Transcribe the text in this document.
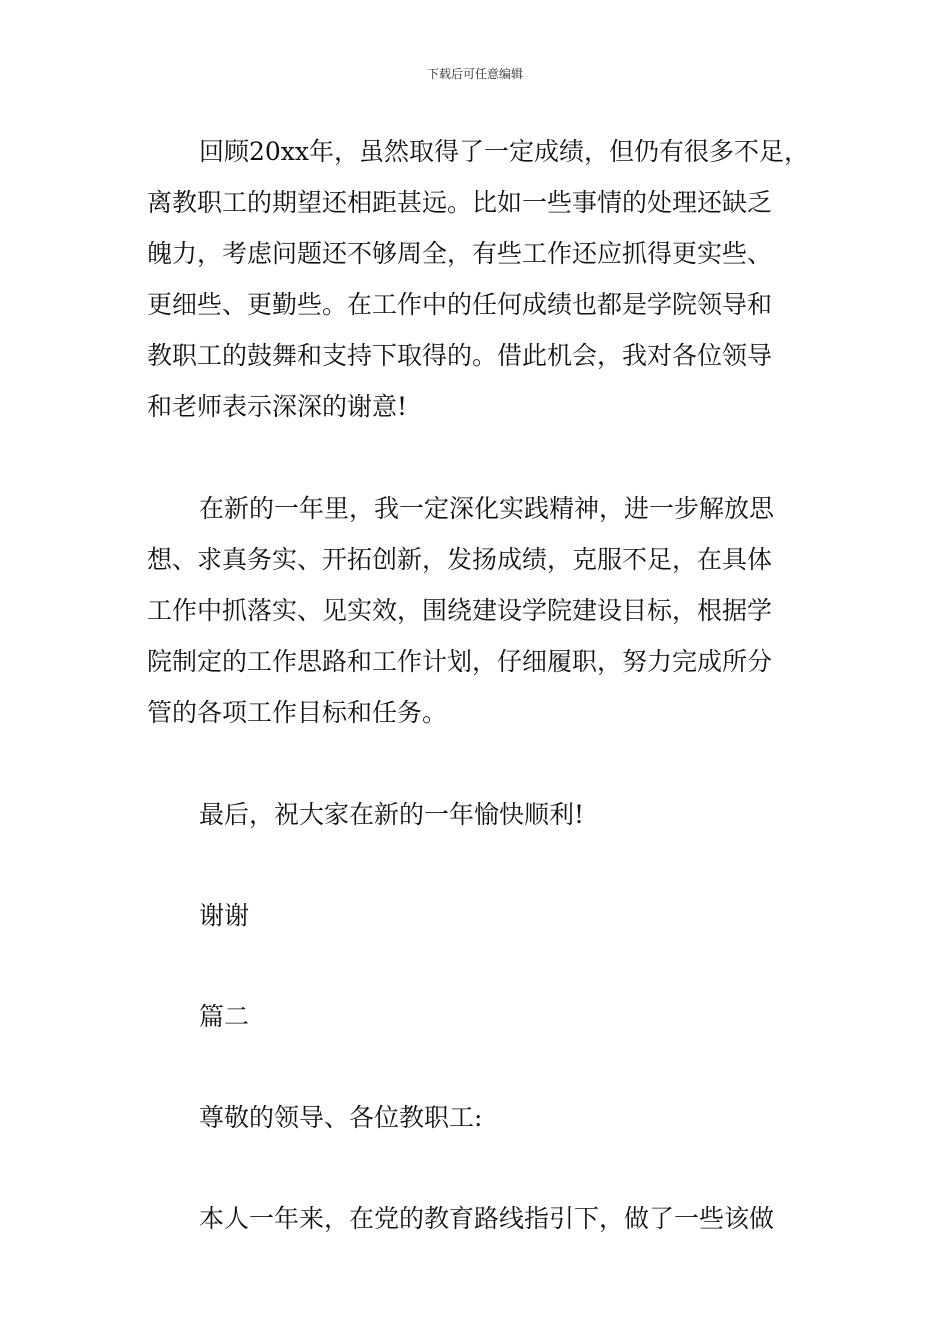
下载后可任意编辑
回顾20xx年，虽然取得了一定成绩，但仍有很多不足，
离教职工的期望还相距甚远。比如一些事情的处理还缺乏
魄力，考虑问题还不够周全，有些工作还应抓得更实些、
更细些、更勤些。在工作中的任何成绩也都是学院领导和
教职工的鼓舞和支持下取得的。借此机会，我对各位领导
和老师表示深深的谢意!
在新的一年里，我一定深化实践精神，进一步解放思
想、求真务实、开拓创新，发扬成绩，克服不足，在具体
工作中抓落实、见实效，围绕建设学院建设目标，根据学
院制定的工作思路和工作计划，仔细履职，努力完成所分
管的各项工作目标和任务。
最后，祝大家在新的一年愉快顺利!
谢谢
篇二
尊敬的领导、各位教职工:
本人一年来，在党的教育路线指引下，做了一些该做
